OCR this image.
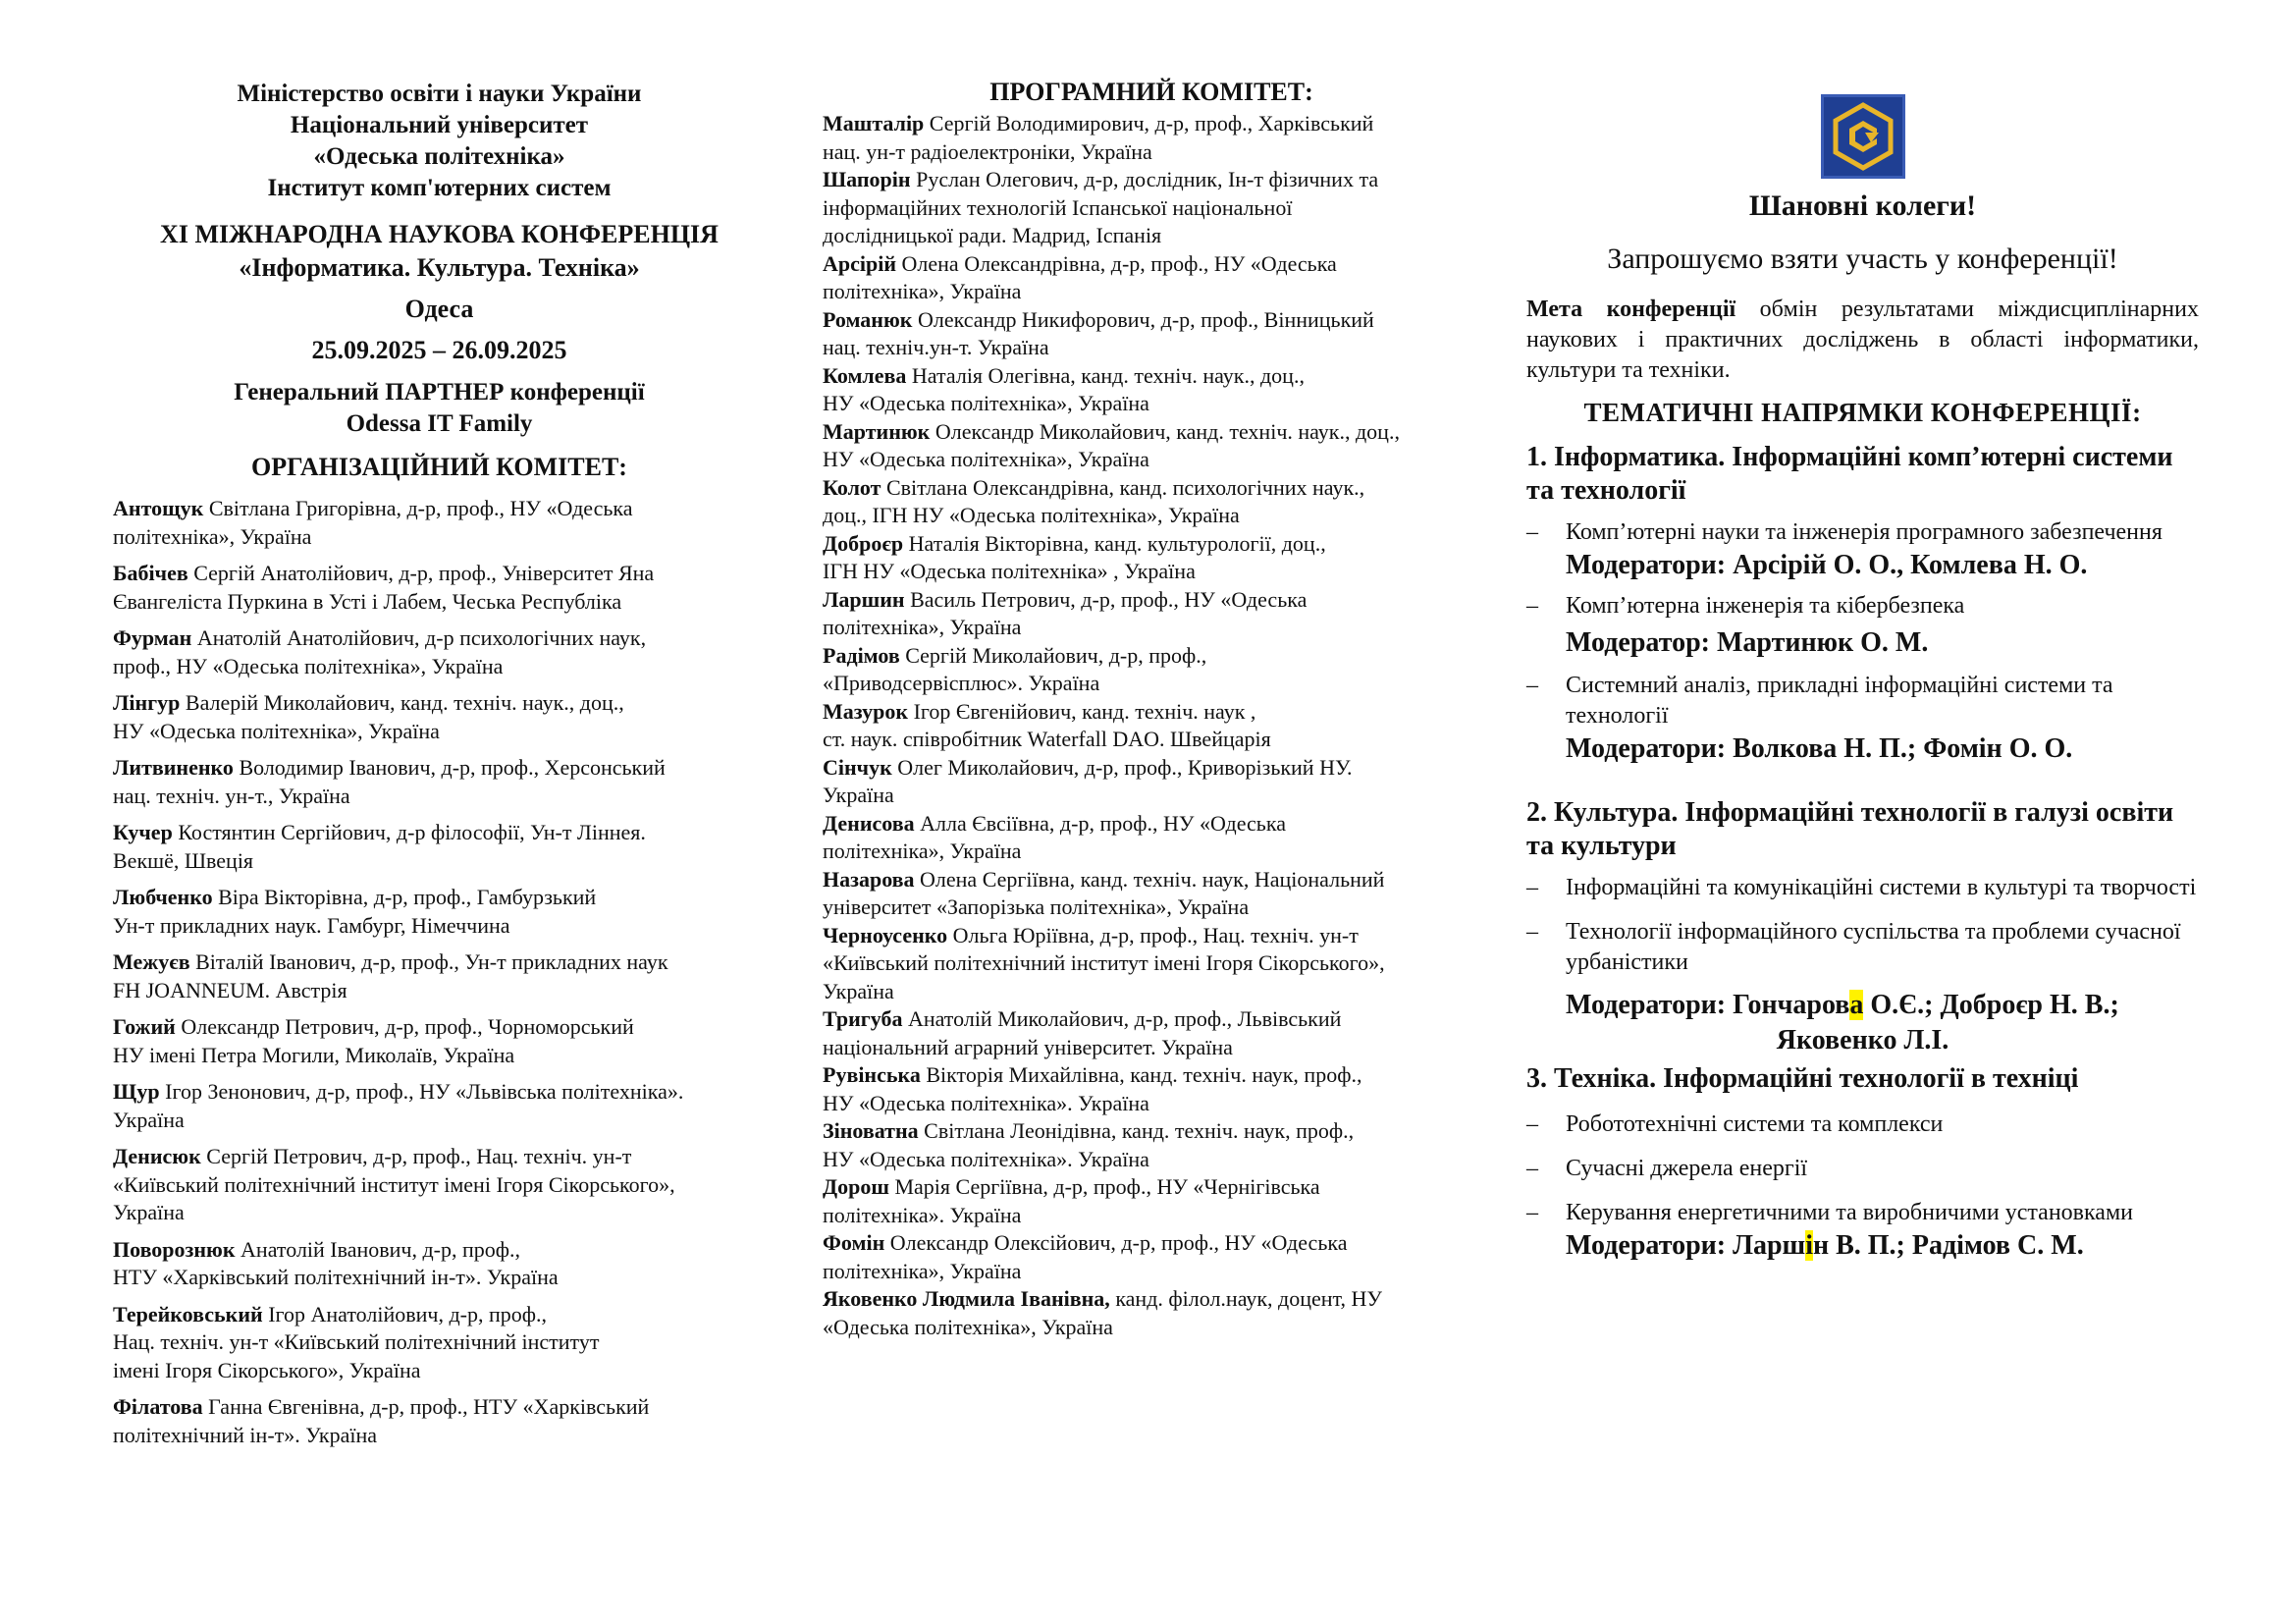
Міністерство освіти і науки України
Національний університет
«Одеська політехніка»
Інститут комп'ютерних систем
XI МІЖНАРОДНА НАУКОВА КОНФЕРЕНЦІЯ
«Інформатика. Культура. Техніка»
Одеса
25.09.2025 – 26.09.2025
Генеральний ПАРТНЕР конференції
Odessa IT Family
ОРГАНІЗАЦІЙНИЙ КОМІТЕТ:
Антощук Світлана Григорівна, д-р, проф., НУ «Одеська
політехніка», Україна
Бабічев Сергій Анатолійович, д-р, проф., Університет Яна
Євангеліста Пуркина в Усті і Лабем, Чеська Республіка
Фурман Анатолій Анатолійович, д-р психологічних наук,
проф., НУ «Одеська політехніка», Україна
Лінгур Валерій Миколайович, канд. техніч. наук., доц.,
НУ «Одеська політехніка», Україна
Литвиненко Володимир Іванович, д-р, проф., Херсонський
нац. техніч. ун-т., Україна
Кучер Костянтин Сергійович, д-р філософії, Ун-т Ліннея.
Векшё, Швеція
Любченко Віра Вікторівна, д-р, проф., Гамбурзький
Ун-т прикладних наук. Гамбург, Німеччина
Межуєв Віталій Іванович, д-р, проф., Ун-т прикладних наук
FH JOANNEUM. Австрія
Гожий Олександр Петрович, д-р, проф., Чорноморський
НУ імені Петра Могили, Миколаїв, Україна
Щур Ігор Зенонович, д-р, проф., НУ «Львівська політехніка».
Україна
Денисюк Сергій Петрович, д-р, проф., Нац. техніч. ун-т
«Київський політехнічний інститут імені Ігоря Сікорського»,
Україна
Поворознюк Анатолій Іванович, д-р, проф.,
НТУ «Харківський політехнічний ін-т». Україна
Терейковський Ігор Анатолійович, д-р, проф.,
Нац. техніч. ун-т «Київський політехнічний інститут
імені Ігоря Сікорського», Україна
Філатова Ганна Євгенівна, д-р, проф., НТУ «Харківський
політехнічний ін-т». Україна
ПРОГРАМНИЙ КОМІТЕТ:
Машталір Сергій Володимирович, д-р, проф., Харківський
нац. ун-т радіоелектроніки, Україна
Шапорін Руслан Олегович, д-р, дослідник, Ін-т фізичних та
інформаційних технологій Іспанської національної
дослідницької ради. Мадрид, Іспанія
Арсірій Олена Олександрівна, д-р, проф., НУ «Одеська
політехніка», Україна
Романюк Олександр Никифорович, д-р, проф., Вінницький
нац. техніч.ун-т. Україна
Комлева Наталія Олегівна, канд. техніч. наук., доц.,
НУ «Одеська політехніка», Україна
Мартинюк Олександр Миколайович, канд. техніч. наук., доц.,
НУ «Одеська політехніка», Україна
Колот Світлана Олександрівна, канд. психологічних наук.,
доц., ІГН НУ «Одеська політехніка», Україна
Доброєр Наталія Вікторівна, канд. культурології, доц.,
ІГН НУ «Одеська політехніка» , Україна
Ларшин Василь Петрович, д-р, проф., НУ «Одеська
політехніка», Україна
Радімов Сергій Миколайович, д-р, проф.,
«Приводсервісплюс». Україна
Мазурок Ігор Євгенійович, канд. техніч. наук ,
ст. наук. співробітник Waterfall DAO. Швейцарія
Сінчук Олег Миколайович, д-р, проф., Криворізький НУ.
Україна
Денисова Алла Євсіївна, д-р, проф., НУ «Одеська
політехніка», Україна
Назарова Олена Сергіївна, канд. техніч. наук, Національний
університет «Запорізька політехніка», Україна
Черноусенко Ольга Юріївна, д-р, проф., Нац. техніч. ун-т
«Київський політехнічний інститут імені Ігоря Сікорського»,
Україна
Тригуба Анатолій Миколайович, д-р, проф., Львівський
національний аграрний університет. Україна
Рувінська Вікторія Михайлівна, канд. техніч. наук, проф.,
НУ «Одеська політехніка». Україна
Зіноватна Світлана Леонідівна, канд. техніч. наук, проф.,
НУ «Одеська політехніка». Україна
Дорош Марія Сергіївна, д-р, проф., НУ «Чернігівська
політехніка». Україна
Фомін Олександр Олексійович, д-р, проф., НУ «Одеська
політехніка», Україна
Яковенко Людмила Іванівна, канд. філол.наук, доцент, НУ
«Одеська політехніка», Україна
Шановні колеги!
Запрошуємо взяти участь у конференції!
Мета конференції обмін результатами міждисциплінарних наукових і практичних досліджень в області інформатики, культури та техніки.
ТЕМАТИЧНІ НАПРЯМКИ КОНФЕРЕНЦІЇ:
1. Інформатика. Інформаційні комп’ютерні системи та технології
– Комп’ютерні науки та інженерія програмного забезпечення
Модератори: Арсірій О. О., Комлева Н. О.
– Комп’ютерна інженерія та кібербезпека
Модератор: Мартинюк О. М.
– Системний аналіз, прикладні інформаційні системи та технології
Модератори: Волкова Н. П.; Фомін О. О.
2. Культура. Інформаційні технології в галузі освіти та культури
– Інформаційні та комунікаційні системи в культурі та творчості
– Технології інформаційного суспільства та проблеми сучасної урбаністики
Модератори: Гончарова О.Є.; Доброєр Н. В.;
Яковенко Л.І.
3. Техніка. Інформаційні технології в техніці
– Робототехнічні системи та комплекси
– Сучасні джерела енергії
– Керування енергетичними та виробничими установками
Модератори: Ларшін В. П.; Радімов С. М.
